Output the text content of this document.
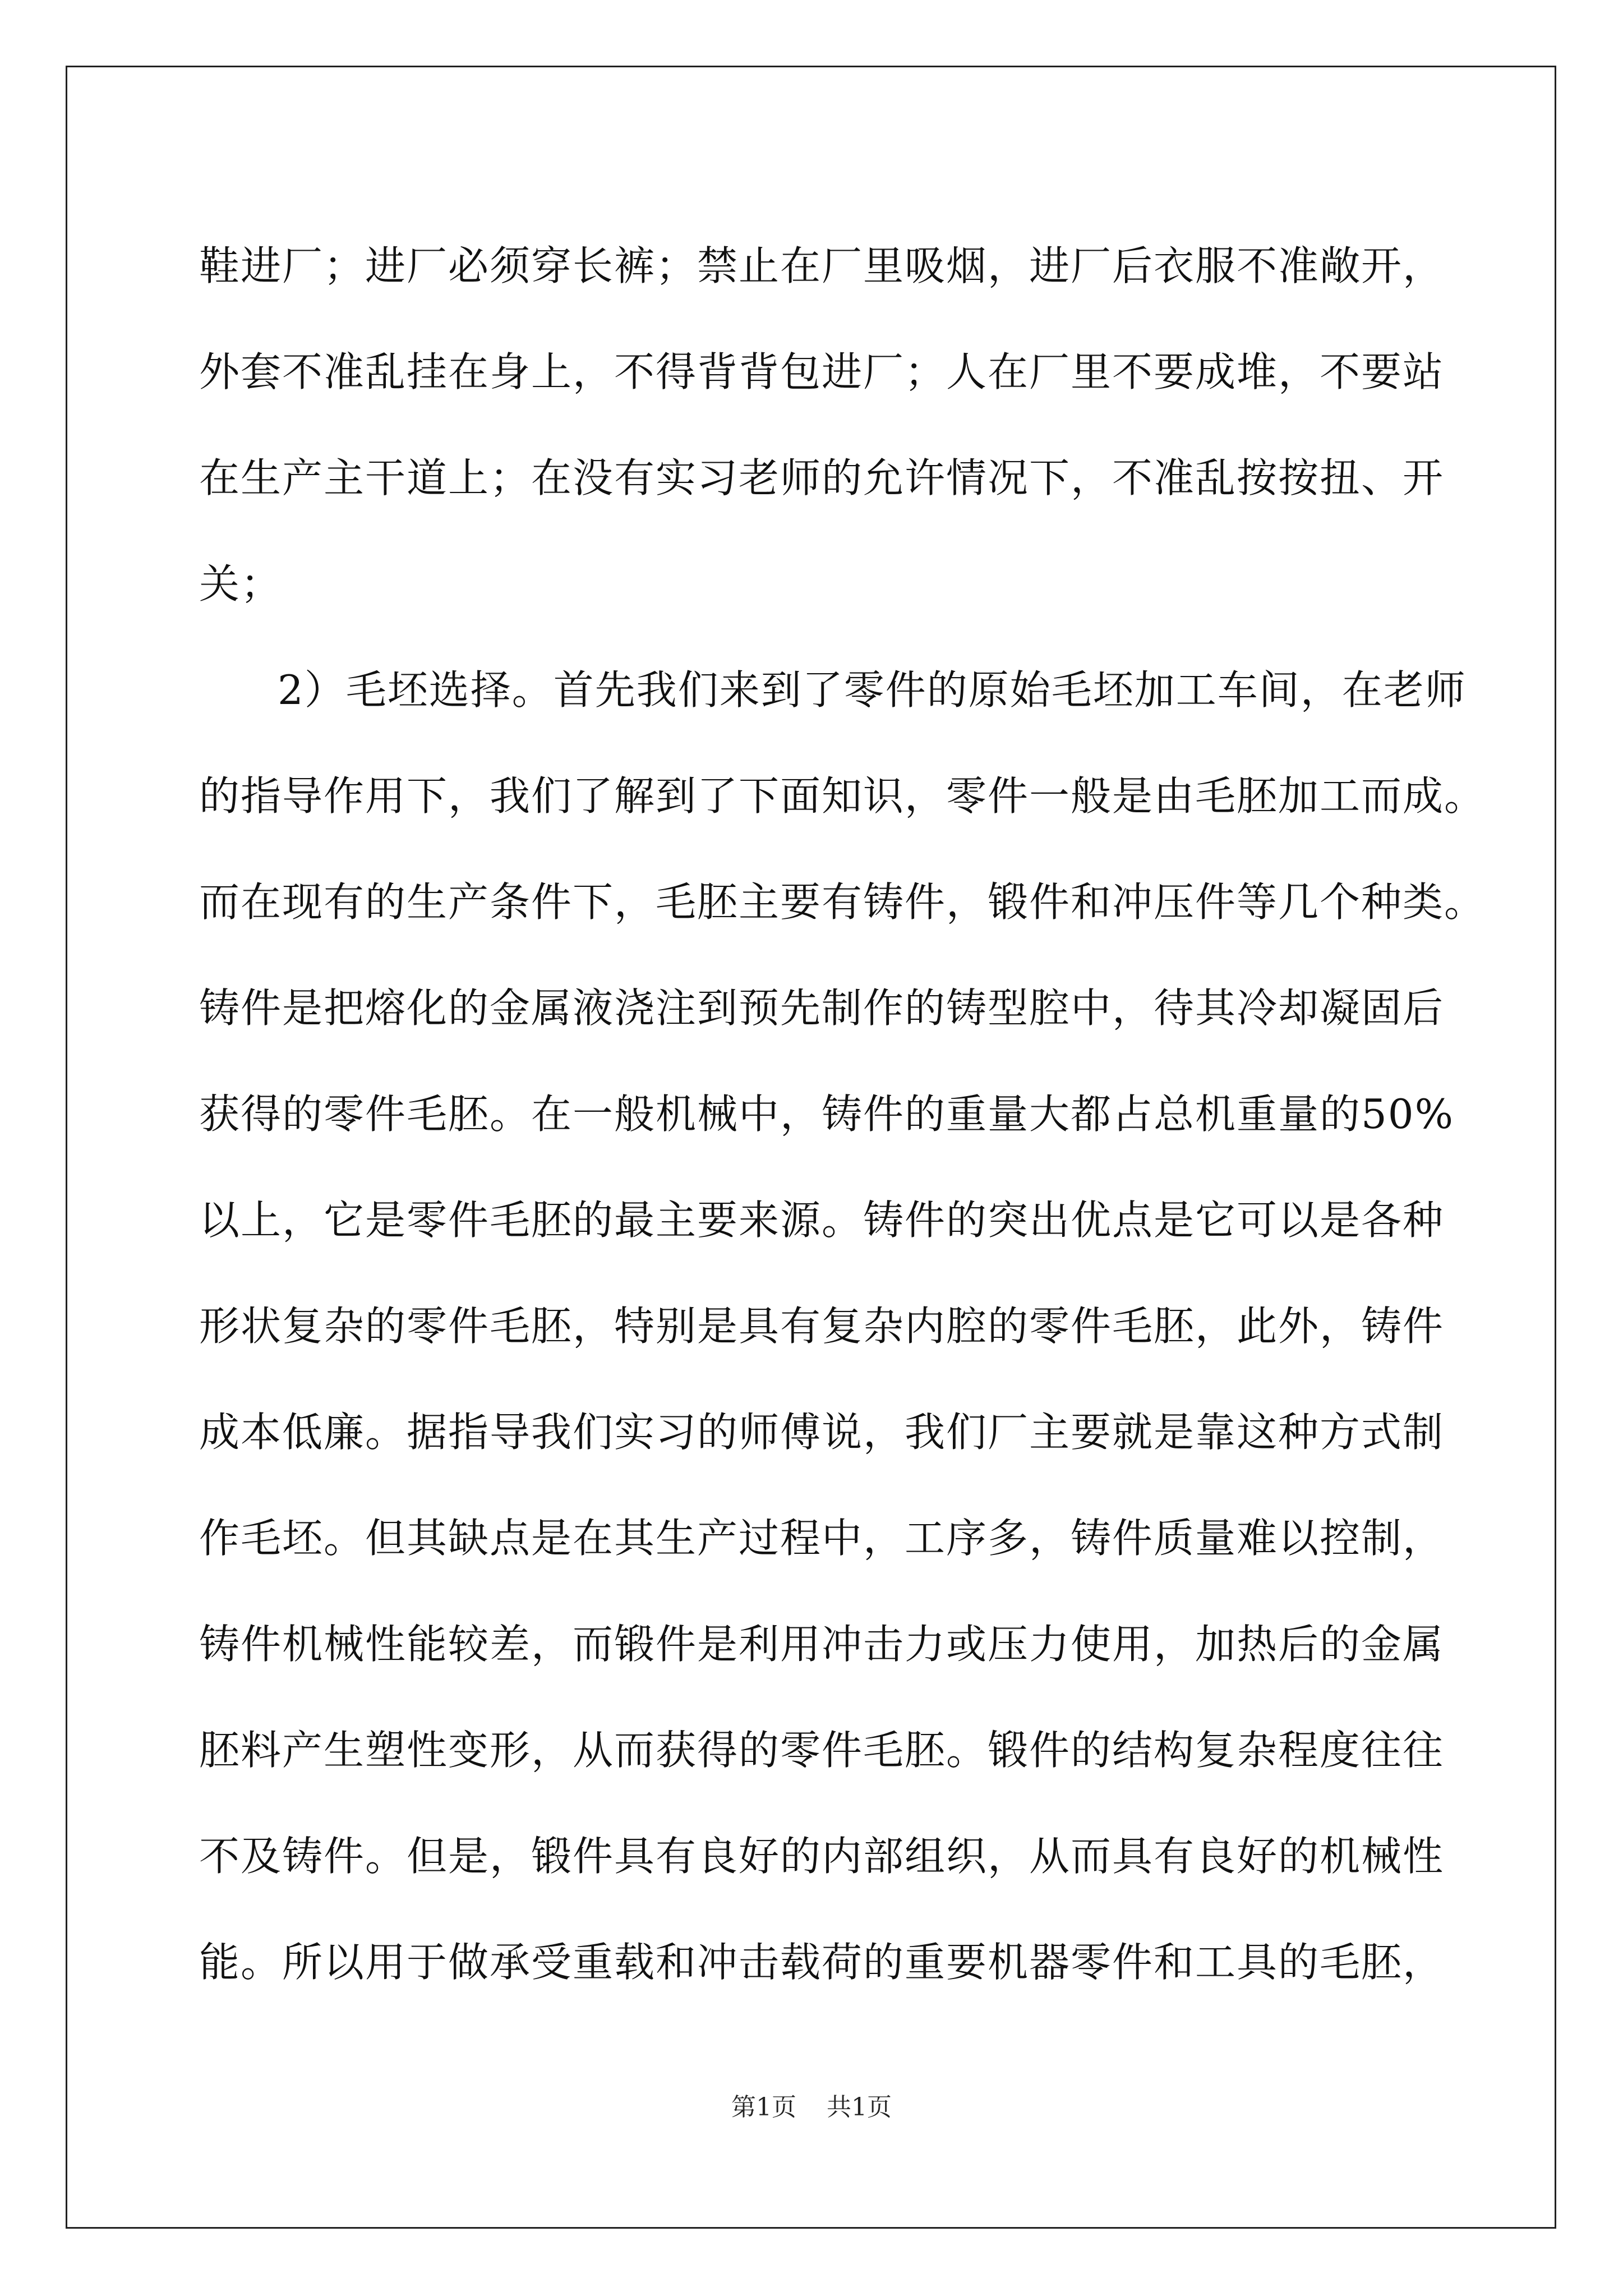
鞋进厂；进厂必须穿长裤；禁止在厂里吸烟，进厂后衣服不准敞开，
外套不准乱挂在身上，不得背背包进厂；人在厂里不要成堆，不要站
在生产主干道上；在没有实习老师的允许情况下，不准乱按按扭、开
关；
2）毛坯选择。首先我们来到了零件的原始毛坯加工车间，在老师
的指导作用下，我们了解到了下面知识，零件一般是由毛胚加工而成。
而在现有的生产条件下，毛胚主要有铸件，锻件和冲压件等几个种类。
铸件是把熔化的金属液浇注到预先制作的铸型腔中，待其冷却凝固后
获得的零件毛胚。在一般机械中，铸件的重量大都占总机重量的50%
以上，它是零件毛胚的最主要来源。铸件的突出优点是它可以是各种
形状复杂的零件毛胚，特别是具有复杂内腔的零件毛胚，此外，铸件
成本低廉。据指导我们实习的师傅说，我们厂主要就是靠这种方式制
作毛坯。但其缺点是在其生产过程中，工序多，铸件质量难以控制，
铸件机械性能较差，而锻件是利用冲击力或压力使用，加热后的金属
胚料产生塑性变形，从而获得的零件毛胚。锻件的结构复杂程度往往
不及铸件。但是，锻件具有良好的内部组织，从而具有良好的机械性
能。所以用于做承受重载和冲击载荷的重要机器零件和工具的毛胚，
第1页 共1页
